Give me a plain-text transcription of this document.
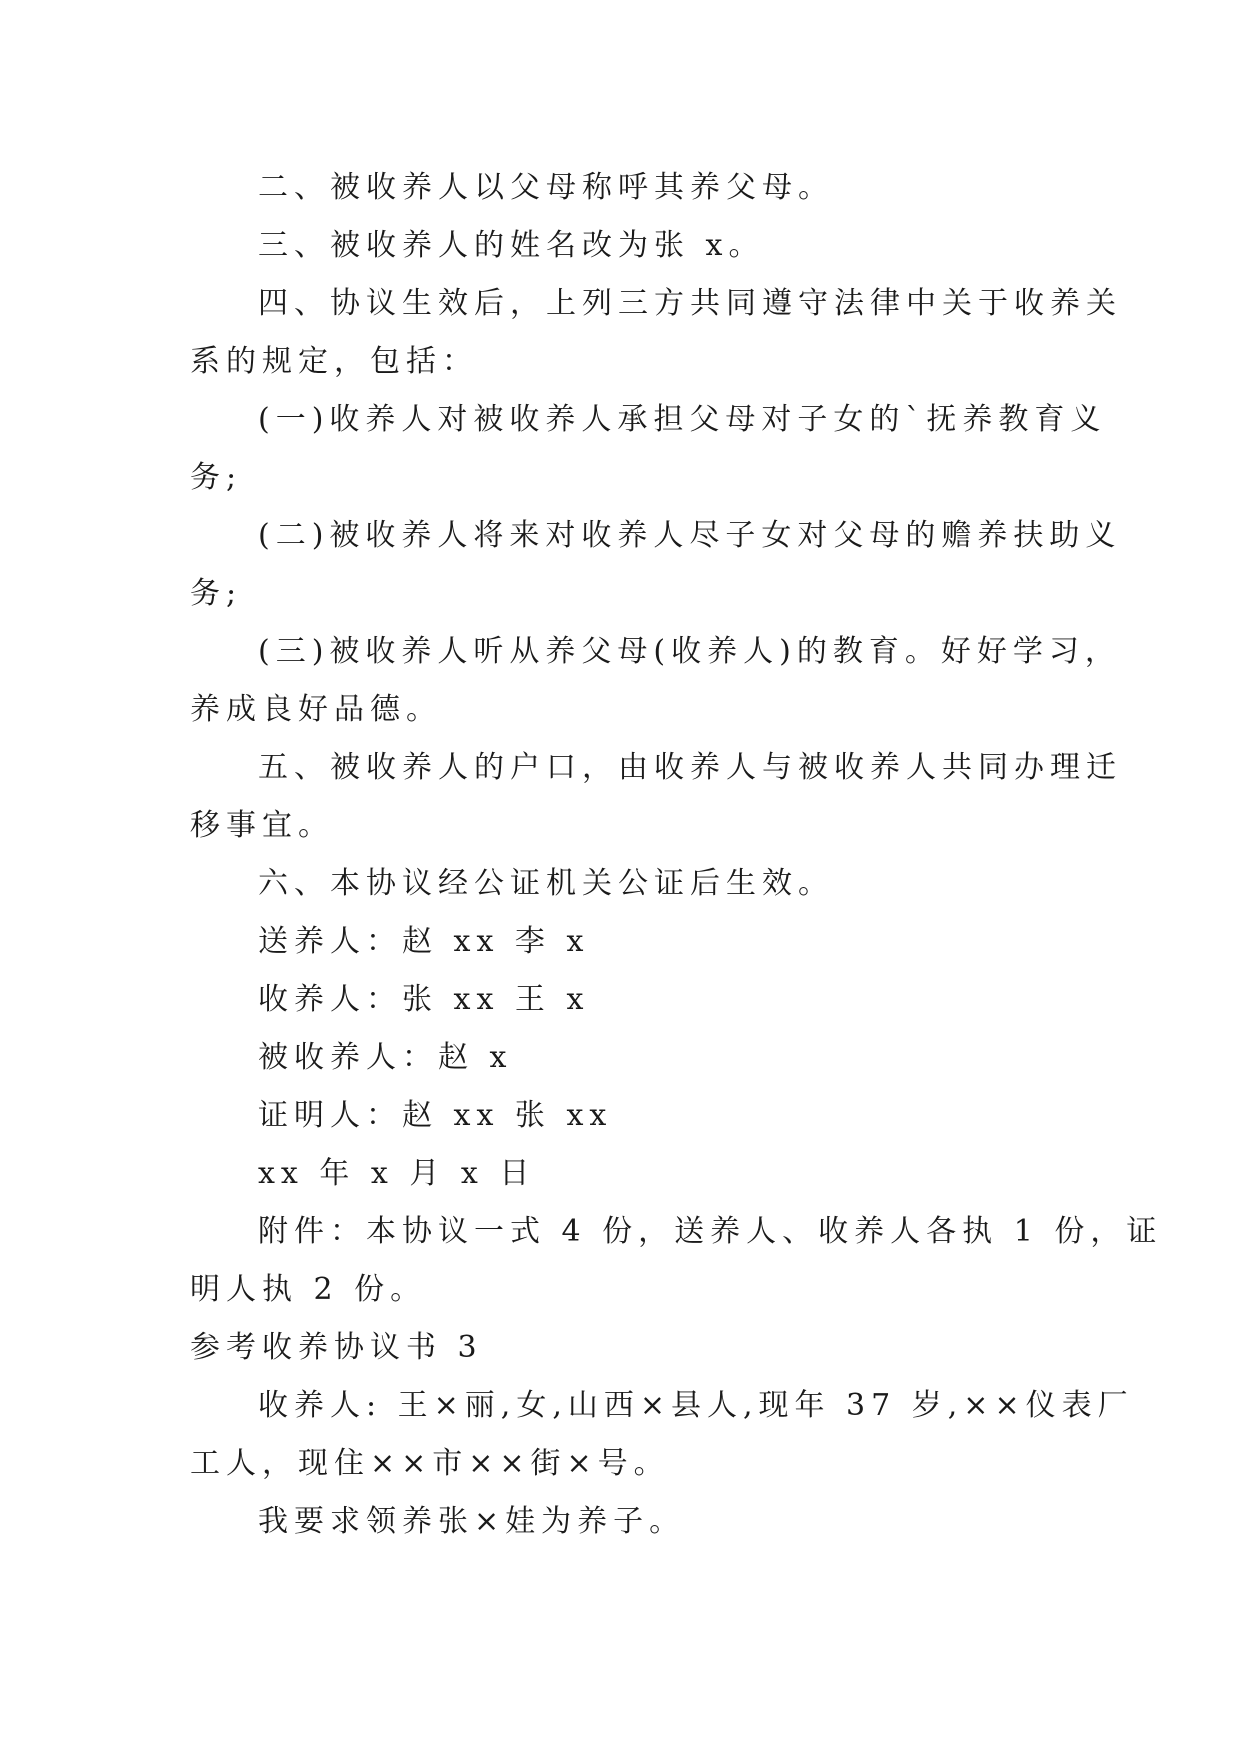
二、被收养人以父母称呼其养父母。
三、被收养人的姓名改为张 x。
四、协议生效后，上列三方共同遵守法律中关于收养关
系的规定，包括：
(一)收养人对被收养人承担父母对子女的`抚养教育义
务;
(二)被收养人将来对收养人尽子女对父母的赡养扶助义
务;
(三)被收养人听从养父母(收养人)的教育。好好学习，
养成良好品德。
五、被收养人的户口，由收养人与被收养人共同办理迁
移事宜。
六、本协议经公证机关公证后生效。
送养人：赵 xx 李 x
收养人：张 xx 王 x
被收养人：赵 x
证明人：赵 xx 张 xx
xx 年 x 月 x 日
附件：本协议一式 4 份，送养人、收养人各执 1 份，证
明人执 2 份。
参考收养协议书 3
收养人: 王×丽,女,山西×县人,现年 37 岁,××仪表厂
工人，现住××市××街×号。
我要求领养张×娃为养子。
